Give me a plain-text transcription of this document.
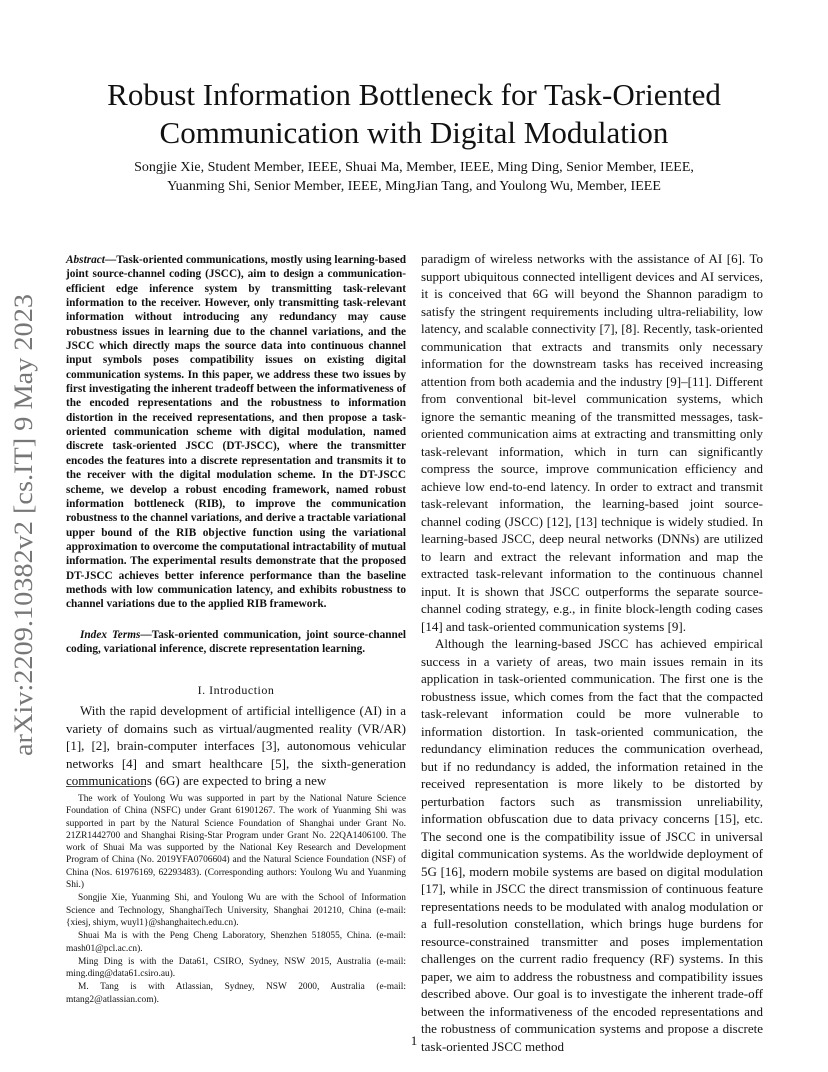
arXiv:2209.10382v2 [cs.IT] 9 May 2023
Robust Information Bottleneck for Task-Oriented
Communication with Digital Modulation
Songjie Xie, Student Member, IEEE, Shuai Ma, Member, IEEE, Ming Ding, Senior Member, IEEE,
Yuanming Shi, Senior Member, IEEE, MingJian Tang, and Youlong Wu, Member, IEEE

Abstract—Task-oriented communications, mostly using learning-based joint source-channel coding (JSCC), aim to design a communication-efficient edge inference system by transmitting task-relevant information to the receiver. However, only transmitting task-relevant information without introducing any redundancy may cause robustness issues in learning due to the channel variations, and the JSCC which directly maps the source data into continuous channel input symbols poses compatibility issues on existing digital communication systems. In this paper, we address these two issues by first investigating the inherent tradeoff between the informativeness of the encoded representations and the robustness to information distortion in the received representations, and then propose a task-oriented communication scheme with digital modulation, named discrete task-oriented JSCC (DT-JSCC), where the transmitter encodes the features into a discrete representation and transmits it to the receiver with the digital modulation scheme. In the DT-JSCC scheme, we develop a robust encoding framework, named robust information bottleneck (RIB), to improve the communication robustness to the channel variations, and derive a tractable variational upper bound of the RIB objective function using the variational approximation to overcome the computational intractability of mutual information. The experimental results demonstrate that the proposed DT-JSCC achieves better inference performance than the baseline methods with low communication latency, and exhibits robustness to channel variations due to the applied RIB framework.

Index Terms—Task-oriented communication, joint source-channel coding, variational inference, discrete representation learning.

I. Introduction

With the rapid development of artificial intelligence (AI) in a variety of domains such as virtual/augmented reality (VR/AR) [1], [2], brain-computer interfaces [3], autonomous vehicular networks [4] and smart healthcare [5], the sixth-generation communications (6G) are expected to bring a new

The work of Youlong Wu was supported in part by the National Nature Science Foundation of China (NSFC) under Grant 61901267. The work of Yuanming Shi was supported in part by the Natural Science Foundation of Shanghai under Grant No. 21ZR1442700 and Shanghai Rising-Star Program under Grant No. 22QA1406100. The work of Shuai Ma was supported by the National Key Research and Development Program of China (No. 2019YFA0706604) and the Natural Science Foundation (NSF) of China (Nos. 61976169, 62293483). (Corresponding authors: Youlong Wu and Yuanming Shi.)

Songjie Xie, Yuanming Shi, and Youlong Wu are with the School of Information Science and Technology, ShanghaiTech University, Shanghai 201210, China (e-mail: {xiesj, shiym, wuyl1}@shanghaitech.edu.cn).

Shuai Ma is with the Peng Cheng Laboratory, Shenzhen 518055, China. (e-mail: mash01@pcl.ac.cn).

Ming Ding is with the Data61, CSIRO, Sydney, NSW 2015, Australia (e-mail: ming.ding@data61.csiro.au).

M. Tang is with Atlassian, Sydney, NSW 2000, Australia (e-mail: mtang2@atlassian.com).

paradigm of wireless networks with the assistance of AI [6]. To support ubiquitous connected intelligent devices and AI services, it is conceived that 6G will beyond the Shannon paradigm to satisfy the stringent requirements including ultra-reliability, low latency, and scalable connectivity [7], [8]. Recently, task-oriented communication that extracts and transmits only necessary information for the downstream tasks has received increasing attention from both academia and the industry [9]–[11]. Different from conventional bit-level communication systems, which ignore the semantic meaning of the transmitted messages, task-oriented communication aims at extracting and transmitting only task-relevant information, which in turn can significantly compress the source, improve communication efficiency and achieve low end-to-end latency. In order to extract and transmit task-relevant information, the learning-based joint source-channel coding (JSCC) [12], [13] technique is widely studied. In learning-based JSCC, deep neural networks (DNNs) are utilized to learn and extract the relevant information and map the extracted task-relevant information to the continuous channel input. It is shown that JSCC outperforms the separate source-channel coding strategy, e.g., in finite block-length coding cases [14] and task-oriented communication systems [9].

Although the learning-based JSCC has achieved empirical success in a variety of areas, two main issues remain in its application in task-oriented communication. The first one is the robustness issue, which comes from the fact that the compacted task-relevant information could be more vulnerable to information distortion. In task-oriented communication, the redundancy elimination reduces the communication overhead, but if no redundancy is added, the information retained in the received representation is more likely to be distorted by perturbation factors such as transmission unreliability, information obfuscation due to data privacy concerns [15], etc. The second one is the compatibility issue of JSCC in universal digital communication systems. As the worldwide deployment of 5G [16], modern mobile systems are based on digital modulation [17], while in JSCC the direct transmission of continuous feature representations needs to be modulated with analog modulation or a full-resolution constellation, which brings huge burdens for resource-constrained transmitter and poses implementation challenges on the current radio frequency (RF) systems. In this paper, we aim to address the robustness and compatibility issues described above. Our goal is to investigate the inherent trade-off between the informativeness of the encoded representations and the robustness of communication systems and propose a discrete task-oriented JSCC method

1
